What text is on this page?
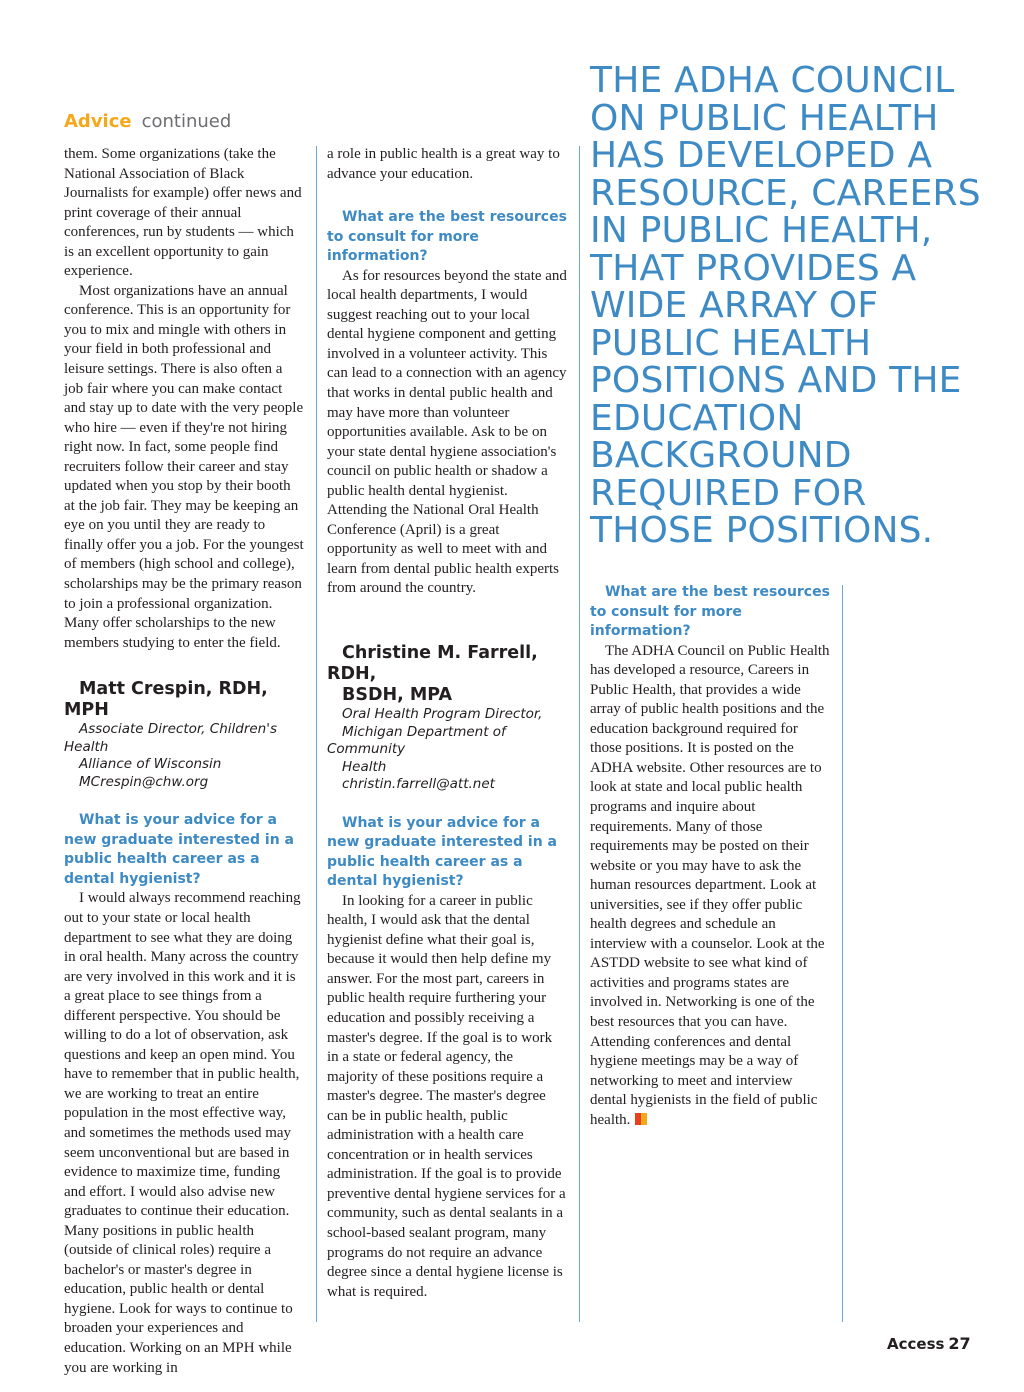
Advice continued

them. Some organizations (take the National Association of Black Journalists for example) offer news and print coverage of their annual conferences, run by students — which is an excellent opportunity to gain experience.

Most organizations have an annual conference. This is an opportunity for you to mix and mingle with others in your field in both professional and leisure settings. There is also often a job fair where you can make contact and stay up to date with the very people who hire — even if they're not hiring right now. In fact, some people find recruiters follow their career and stay updated when you stop by their booth at the job fair. They may be keeping an eye on you until they are ready to finally offer you a job. For the youngest of members (high school and college), scholarships may be the primary reason to join a professional organization. Many offer scholarships to the new members studying to enter the field.

Matt Crespin, RDH, MPH

Associate Director, Children's Health

Alliance of Wisconsin

MCrespin@chw.org

What is your advice for a new graduate interested in a public health career as a dental hygienist?

I would always recommend reaching out to your state or local health department to see what they are doing in oral health. Many across the country are very involved in this work and it is a great place to see things from a different perspective. You should be willing to do a lot of observation, ask questions and keep an open mind. You have to remember that in public health, we are working to treat an entire population in the most effective way, and sometimes the methods used may seem unconventional but are based in evidence to maximize time, funding and effort. I would also advise new graduates to continue their education. Many positions in public health (outside of clinical roles) require a bachelor's or master's degree in education, public health or dental hygiene. Look for ways to continue to broaden your experiences and education. Working on an MPH while you are working in

a role in public health is a great way to advance your education.

What are the best resources to consult for more information?

As for resources beyond the state and local health departments, I would suggest reaching out to your local dental hygiene component and getting involved in a volunteer activity. This can lead to a connection with an agency that works in dental public health and may have more than volunteer opportunities available. Ask to be on your state dental hygiene association's council on public health or shadow a public health dental hygienist. Attending the National Oral Health Conference (April) is a great opportunity as well to meet with and learn from dental public health experts from around the country.

Christine M. Farrell, RDH,

BSDH, MPA

Oral Health Program Director,

Michigan Department of Community

Health

christin.farrell@att.net

What is your advice for a new graduate interested in a public health career as a dental hygienist?

In looking for a career in public health, I would ask that the dental hygienist define what their goal is, because it would then help define my answer. For the most part, careers in public health require furthering your education and possibly receiving a master's degree. If the goal is to work in a state or federal agency, the majority of these positions require a master's degree. The master's degree can be in public health, public administration with a health care concentration or in health services administration. If the goal is to provide preventive dental hygiene services for a community, such as dental sealants in a school-based sealant program, many programs do not require an advance degree since a dental hygiene license is what is required.

THE ADHA COUNCIL ON PUBLIC HEALTH HAS DEVELOPED A RESOURCE, CAREERS IN PUBLIC HEALTH, THAT PROVIDES A WIDE ARRAY OF PUBLIC HEALTH POSITIONS AND THE EDUCATION BACKGROUND REQUIRED FOR THOSE POSITIONS.

What are the best resources to consult for more information?

The ADHA Council on Public Health has developed a resource, Careers in Public Health, that provides a wide array of public health positions and the education background required for those positions. It is posted on the ADHA website. Other resources are to look at state and local public health programs and inquire about requirements. Many of those requirements may be posted on their website or you may have to ask the human resources department. Look at universities, see if they offer public health degrees and schedule an interview with a counselor. Look at the ASTDD website to see what kind of activities and programs states are involved in. Networking is one of the best resources that you can have. Attending conferences and dental hygiene meetings may be a way of networking to meet and interview dental hygienists in the field of public health.

Access 27
